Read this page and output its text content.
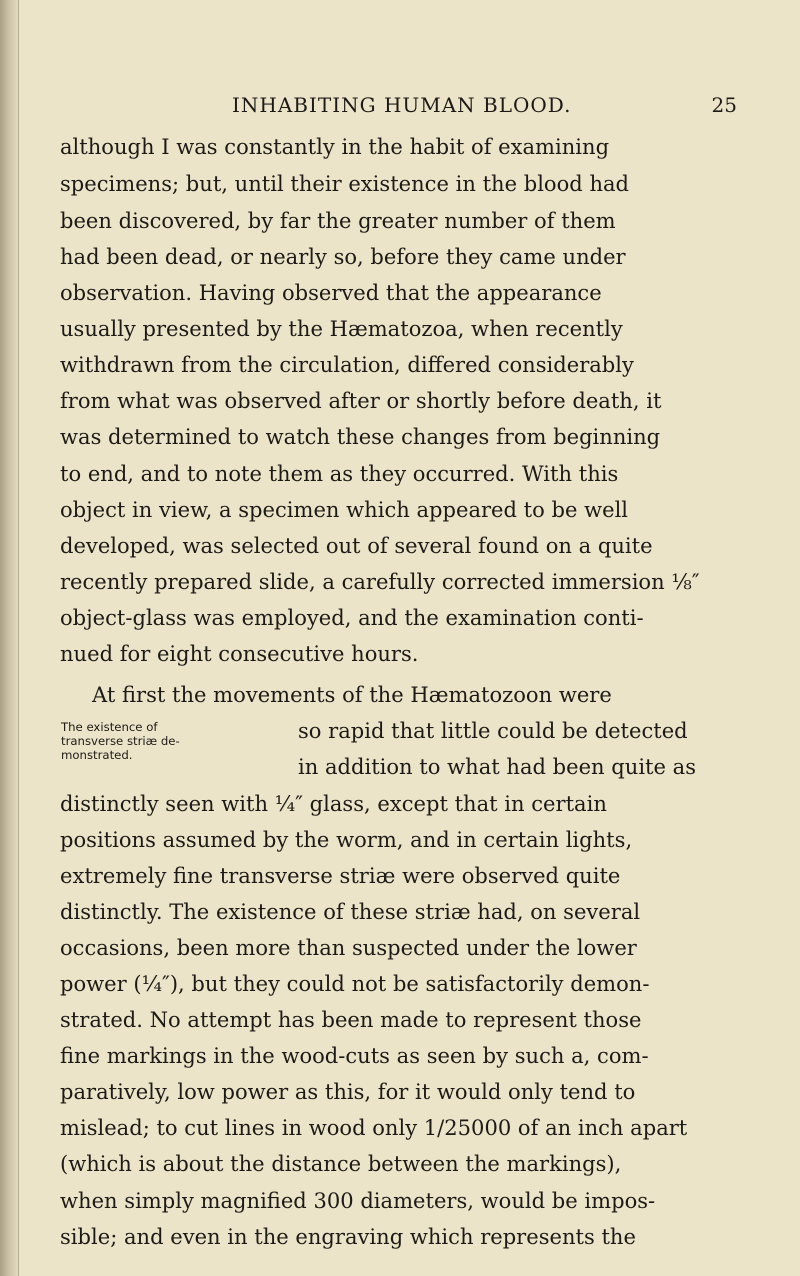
INHABITING HUMAN BLOOD.	25
The existence of
transverse striæ de-
monstrated.
although I was constantly in the habit of examining
specimens; but, until their existence in the blood had
been discovered, by far the greater number of them
had been dead, or nearly so, before they came under
observation. Having observed that the appearance
usually presented by the Hæmatozoa, when recently
withdrawn from the circulation, differed considerably
from what was observed after or shortly before death, it
was determined to watch these changes from beginning
to end, and to note them as they occurred. With this
object in view, a specimen which appeared to be well
developed, was selected out of several found on a quite
recently prepared slide, a carefully corrected immersion ⅛″
object-glass was employed, and the examination conti-
nued for eight consecutive hours.
At first the movements of the Hæmatozoon were
so rapid that little could be detected
in addition to what had been quite as
distinctly seen with ¼″ glass, except that in certain
positions assumed by the worm, and in certain lights,
extremely fine transverse striæ were observed quite
distinctly. The existence of these striæ had, on several
occasions, been more than suspected under the lower
power (¼″), but they could not be satisfactorily demon-
strated. No attempt has been made to represent those
fine markings in the wood-cuts as seen by such a, com-
paratively, low power as this, for it would only tend to
mislead; to cut lines in wood only 1/25000 of an inch apart
(which is about the distance between the markings),
when simply magnified 300 diameters, would be impos-
sible; and even in the engraving which represents the
